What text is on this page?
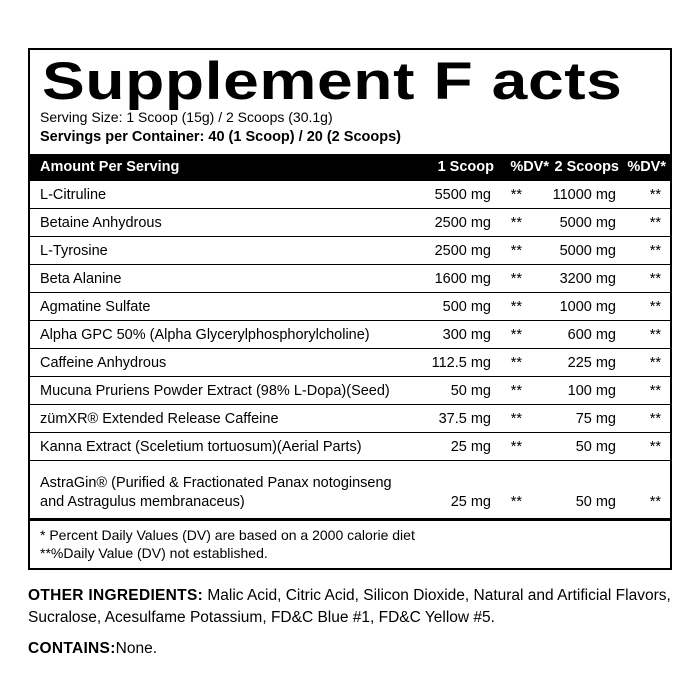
Supplement F acts
Serving Size: 1 Scoop (15g) / 2 Scoops (30.1g)
Servings per Container: 40 (1 Scoop) / 20 (2 Scoops)
Amount Per Serving	1 Scoop %DV* 2 Scoops %DV*
L-Citruline	5500 mg ** 11000 mg **
Betaine Anhydrous	2500 mg **	5000 mg **
L-Tyrosine	2500 mg **	5000 mg **
Beta Alanine	1600 mg **	3200 mg **
Agmatine Sulfate	500 mg **	1000 mg **
Alpha GPC 50% (Alpha Glycerylphosphorylcholine)	300 mg **	600 mg **
Caffeine Anhydrous	112.5 mg **	225 mg **
Mucuna Pruriens Powder Extract (98% L-Dopa)(Seed)	50 mg **	100 mg **
zümXR® Extended Release Caffeine	37.5 mg **	75 mg **
Kanna Extract (Sceletium tortuosum)(Aerial Parts)	25 mg **	50 mg **
AstraGin® (Purified & Fractionated Panax notoginseng
and Astragulus membranaceus)	25 mg **	50 mg **
* Percent Daily Values (DV) are based on a 2000 calorie diet
**%Daily Value (DV) not established.
OTHER INGREDIENTS: Malic Acid, Citric Acid, Silicon Dioxide, Natural and Artificial Flavors, Sucralose, Acesulfame Potassium, FD&C Blue #1, FD&C Yellow #5.
CONTAINS:None.
